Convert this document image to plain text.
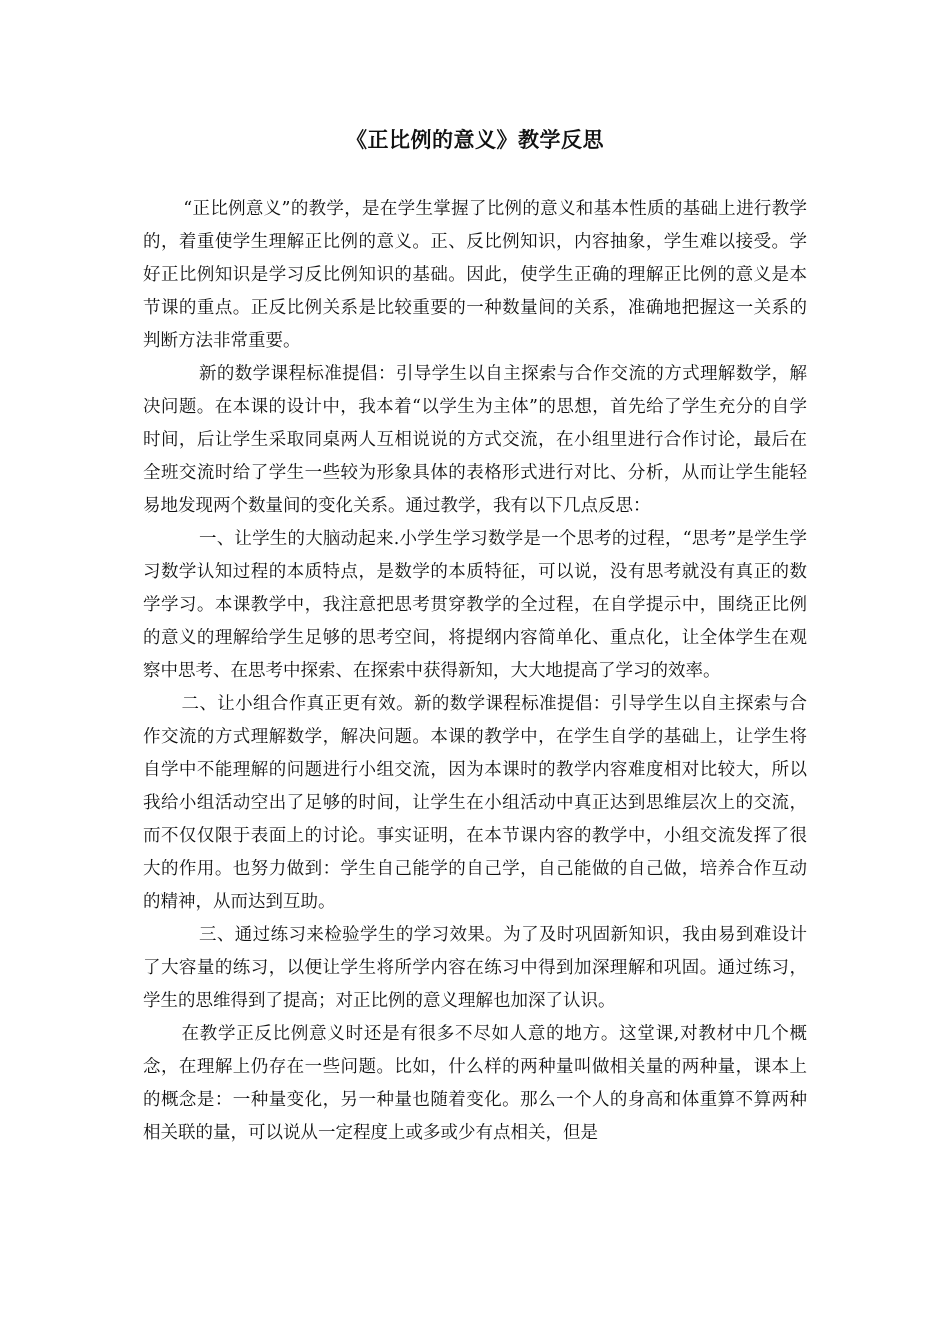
《正比例的意义》教学反思

“正比例意义”的教学，是在学生掌握了比例的意义和基本性质的基础上进行教学的，着重使学生理解正比例的意义。正、反比例知识，内容抽象，学生难以接受。学好正比例知识是学习反比例知识的基础。因此，使学生正确的理解正比例的意义是本节课的重点。正反比例关系是比较重要的一种数量间的关系，准确地把握这一关系的判断方法非常重要。

新的数学课程标准提倡：引导学生以自主探索与合作交流的方式理解数学，解决问题。在本课的设计中，我本着“以学生为主体”的思想，首先给了学生充分的自学时间，后让学生采取同桌两人互相说说的方式交流，在小组里进行合作讨论，最后在全班交流时给了学生一些较为形象具体的表格形式进行对比、分析，从而让学生能轻易地发现两个数量间的变化关系。通过教学，我有以下几点反思：

一、让学生的大脑动起来.小学生学习数学是一个思考的过程，“思考”是学生学习数学认知过程的本质特点，是数学的本质特征，可以说，没有思考就没有真正的数学学习。本课教学中，我注意把思考贯穿教学的全过程，在自学提示中，围绕正比例的意义的理解给学生足够的思考空间，将提纲内容简单化、重点化，让全体学生在观察中思考、在思考中探索、在探索中获得新知，大大地提高了学习的效率。

二、让小组合作真正更有效。新的数学课程标准提倡：引导学生以自主探索与合作交流的方式理解数学，解决问题。本课的教学中，在学生自学的基础上，让学生将自学中不能理解的问题进行小组交流，因为本课时的教学内容难度相对比较大，所以我给小组活动空出了足够的时间，让学生在小组活动中真正达到思维层次上的交流，而不仅仅限于表面上的讨论。事实证明，在本节课内容的教学中，小组交流发挥了很大的作用。也努力做到：学生自己能学的自己学，自己能做的自己做，培养合作互动的精神，从而达到互助。

三、通过练习来检验学生的学习效果。为了及时巩固新知识，我由易到难设计了大容量的练习，以便让学生将所学内容在练习中得到加深理解和巩固。通过练习，学生的思维得到了提高；对正比例的意义理解也加深了认识。

在教学正反比例意义时还是有很多不尽如人意的地方。这堂课,对教材中几个概念，在理解上仍存在一些问题。比如，什么样的两种量叫做相关量的两种量，课本上的概念是：一种量变化，另一种量也随着变化。那么一个人的身高和体重算不算两种相关联的量，可以说从一定程度上或多或少有点相关，但是
